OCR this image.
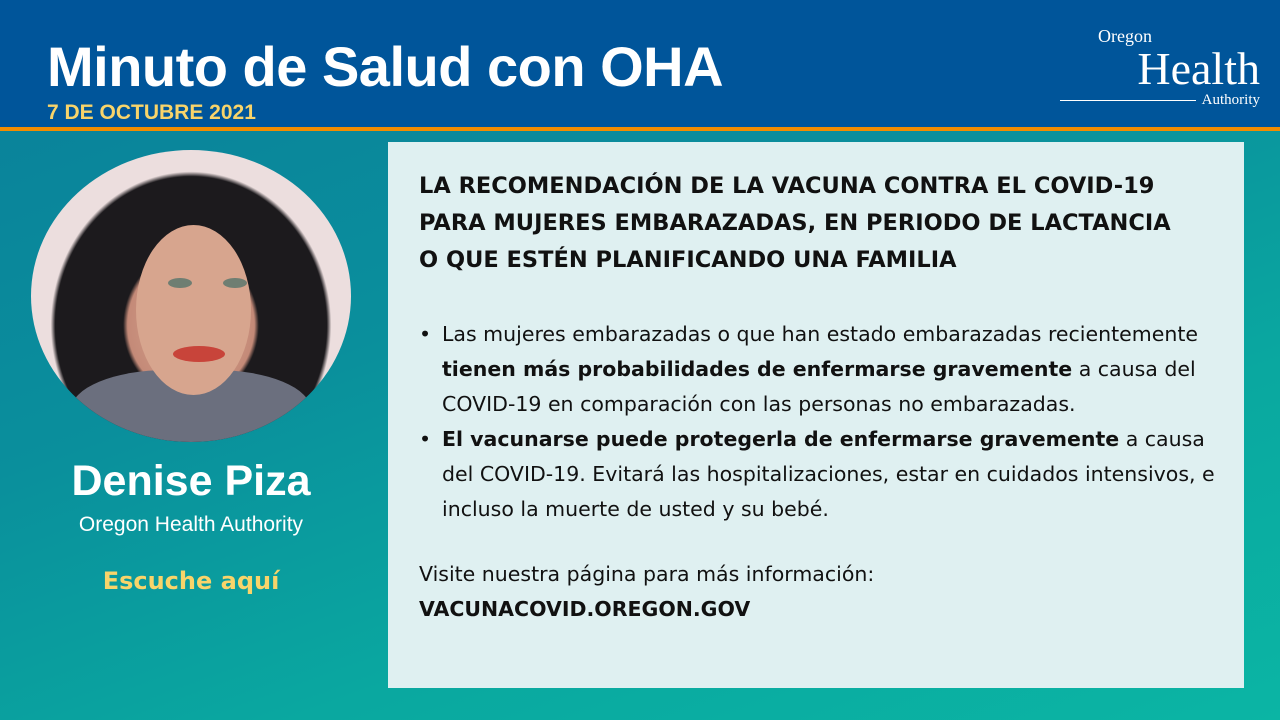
Minuto de Salud con OHA
7 DE OCTUBRE 2021
Oregon
Health
Authority
Denise Piza
Oregon Health Authority
Escuche aquí
LA RECOMENDACIÓN DE LA VACUNA CONTRA EL COVID-19
PARA MUJERES EMBARAZADAS, EN PERIODO DE LACTANCIA
O QUE ESTÉN PLANIFICANDO UNA FAMILIA
• Las mujeres embarazadas o que han estado embarazadas recientemente tienen más probabilidades de enfermarse gravemente a causa del COVID-19 en comparación con las personas no embarazadas.
• El vacunarse puede protegerla de enfermarse gravemente a causa del COVID-19. Evitará las hospitalizaciones, estar en cuidados intensivos, e incluso la muerte de usted y su bebé.
Visite nuestra página para más información:
VACUNACOVID.OREGON.GOV
